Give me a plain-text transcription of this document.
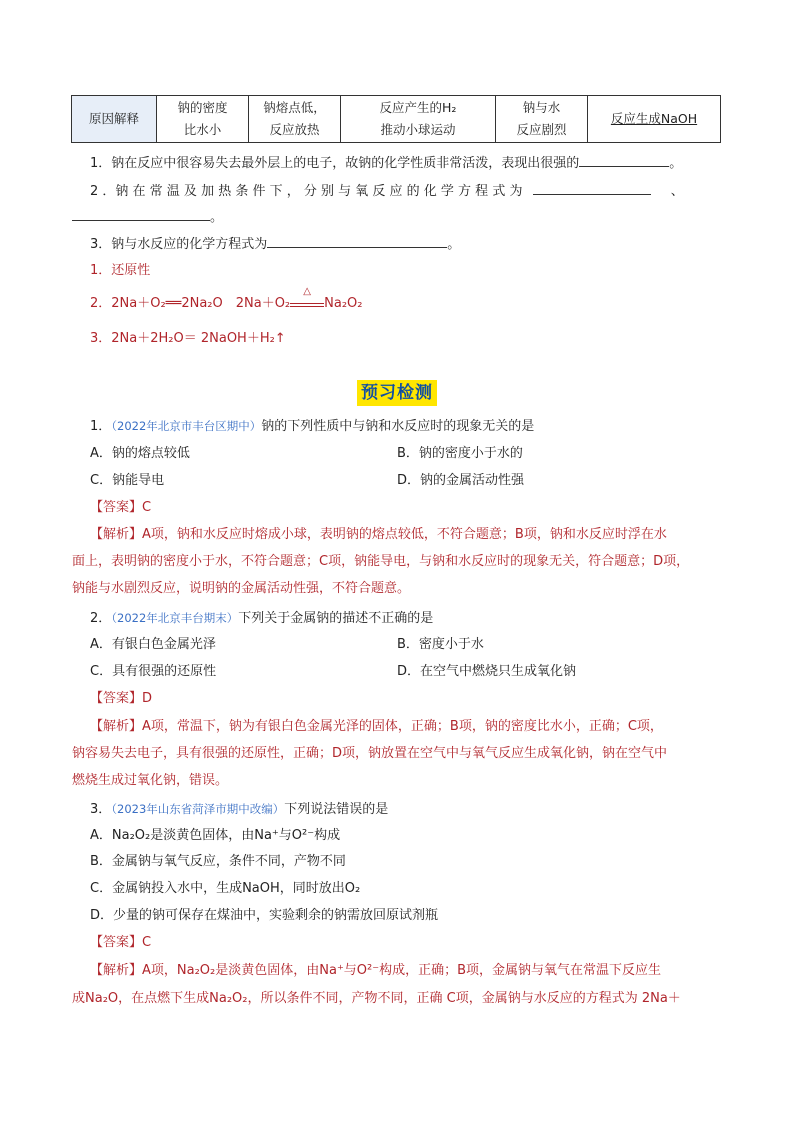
原因解释	
钠的密度
比水小

钠熔点低，
反应放热

反应产生的H₂
推动小球运动

钠与水
反应剧烈

反应生成NaOH
1．钠在反应中很容易失去最外层上的电子，故钠的化学性质非常活泼，表现出很强的	。
2 ．钠 在 常 温 及 加 热 条 件 下 ， 分 别 与 氧 反 应 的 化 学 方 程 式 为	、
。
3．钠与水反应的化学方程式为	。
1．还原性
2．2Na＋O₂══2Na₂O　2Na＋O₂
△
Na₂O₂
3．2Na＋2H₂O＝ 2NaOH＋H₂↑
预习检测
1．（2022年北京市丰台区期中）钠的下列性质中与钠和水反应时的现象无关的是
A．钠的熔点较低	B．钠的密度小于水的
C．钠能导电	D．钠的金属活动性强
【答案】C
【解析】A项，钠和水反应时熔成小球，表明钠的熔点较低，不符合题意；B项，钠和水反应时浮在水
面上，表明钠的密度小于水，不符合题意；C项，钠能导电，与钠和水反应时的现象无关，符合题意；D项，
钠能与水剧烈反应，说明钠的金属活动性强，不符合题意。
2．（2022年北京丰台期末）下列关于金属钠的描述不正确的是
A．有银白色金属光泽	B．密度小于水
C．具有很强的还原性	D．在空气中燃烧只生成氧化钠
【答案】D
【解析】A项，常温下，钠为有银白色金属光泽的固体，正确；B项，钠的密度比水小，正确；C项，
钠容易失去电子，具有很强的还原性，正确；D项，钠放置在空气中与氧气反应生成氧化钠，钠在空气中
燃烧生成过氧化钠，错误。
3．（2023年山东省菏泽市期中改编）下列说法错误的是
A．Na₂O₂是淡黄色固体，由Na⁺与O²⁻构成
B．金属钠与氧气反应，条件不同，产物不同
C．金属钠投入水中，生成NaOH，同时放出O₂
D．少量的钠可保存在煤油中，实验剩余的钠需放回原试剂瓶
【答案】C
【解析】A项，Na₂O₂是淡黄色固体，由Na⁺与O²⁻构成，正确；B项，金属钠与氧气在常温下反应生
成Na₂O，在点燃下生成Na₂O₂，所以条件不同，产物不同，正确 C项，金属钠与水反应的方程式为 2Na＋
